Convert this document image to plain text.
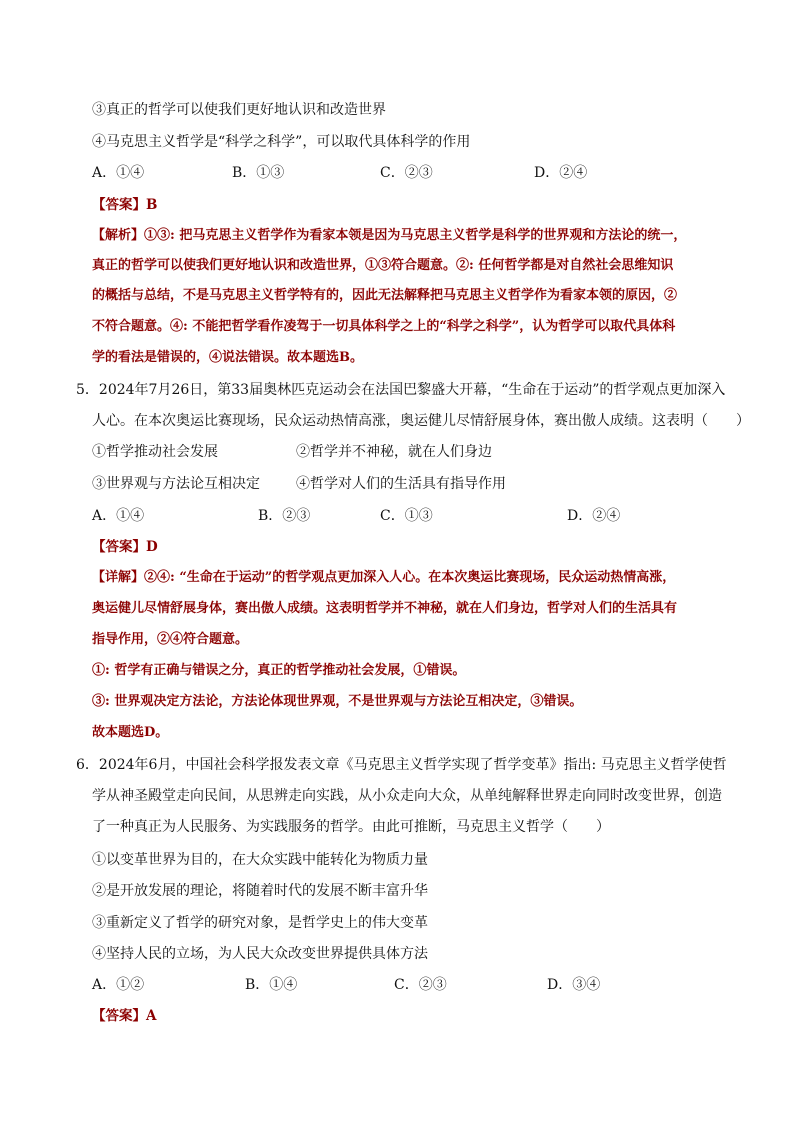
③真正的哲学可以使我们更好地认识和改造世界
④马克思主义哲学是“科学之科学”，可以取代具体科学的作用
A．①④	B．①③	C．②③	D．②④
【答案】B
【解析】①③: 把马克思主义哲学作为看家本领是因为马克思主义哲学是科学的世界观和方法论的统一，
真正的哲学可以使我们更好地认识和改造世界，①③符合题意。②: 任何哲学都是对自然社会思维知识
的概括与总结，不是马克思主义哲学特有的，因此无法解释把马克思主义哲学作为看家本领的原因，②
不符合题意。④: 不能把哲学看作凌驾于一切具体科学之上的“科学之科学”，认为哲学可以取代具体科
学的看法是错误的，④说法错误。故本题选B。
5．2024年7月26日，第33届奥林匹克运动会在法国巴黎盛大开幕，“生命在于运动”的哲学观点更加深入
人心。在本次奥运比赛现场，民众运动热情高涨，奥运健儿尽情舒展身体，赛出傲人成绩。这表明（　　）
①哲学推动社会发展	②哲学并不神秘，就在人们身边
③世界观与方法论互相决定	④哲学对人们的生活具有指导作用
A．①④	B．②③	C．①③	D．②④
【答案】D
【详解】②④: “生命在于运动”的哲学观点更加深入人心。在本次奥运比赛现场，民众运动热情高涨，
奥运健儿尽情舒展身体，赛出傲人成绩。这表明哲学并不神秘，就在人们身边，哲学对人们的生活具有
指导作用，②④符合题意。
①: 哲学有正确与错误之分，真正的哲学推动社会发展，①错误。
③: 世界观决定方法论，方法论体现世界观，不是世界观与方法论互相决定，③错误。
故本题选D。
6．2024年6月，中国社会科学报发表文章《马克思主义哲学实现了哲学变革》指出: 马克思主义哲学使哲
学从神圣殿堂走向民间，从思辨走向实践，从小众走向大众，从单纯解释世界走向同时改变世界，创造
了一种真正为人民服务、为实践服务的哲学。由此可推断，马克思主义哲学（　　）
①以变革世界为目的，在大众实践中能转化为物质力量
②是开放发展的理论，将随着时代的发展不断丰富升华
③重新定义了哲学的研究对象，是哲学史上的伟大变革
④坚持人民的立场，为人民大众改变世界提供具体方法
A．①②	B．①④	C．②③	D．③④
【答案】A
